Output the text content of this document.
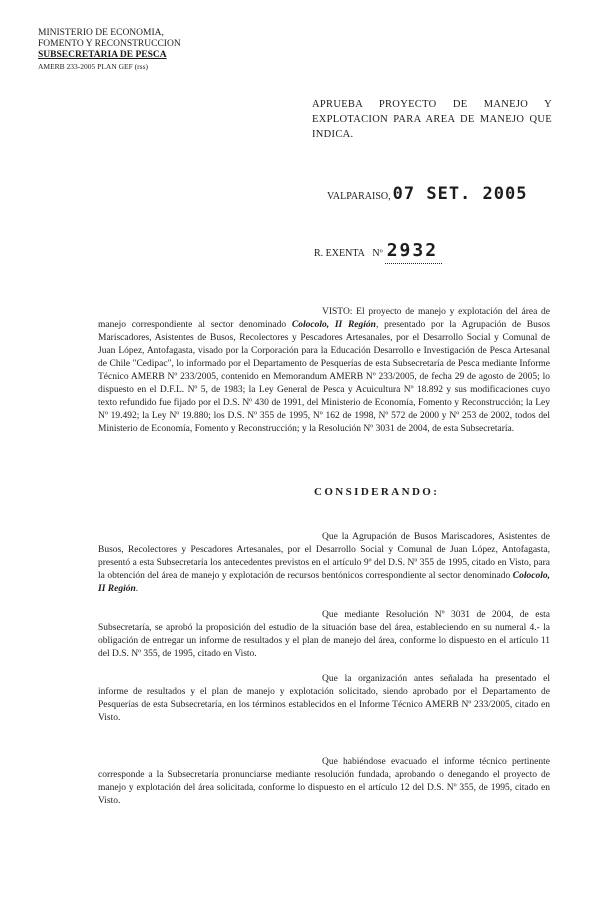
MINISTERIO DE ECONOMIA,
FOMENTO Y RECONSTRUCCION
SUBSECRETARIA DE PESCA
AMERB 233-2005 PLAN GEF (rss)
APRUEBA PROYECTO DE MANEJO Y EXPLOTACION PARA AREA DE MANEJO QUE INDICA.
VALPARAISO, 07 SET. 2005
R. EXENTA Nº 2932
VISTO: El proyecto de manejo y explotación del área de manejo correspondiente al sector denominado Colocolo, II Región, presentado por la Agrupación de Busos Mariscadores, Asistentes de Busos, Recolectores y Pescadores Artesanales, por el Desarrollo Social y Comunal de Juan López, Antofagasta, visado por la Corporación para la Educación Desarrollo e Investigación de Pesca Artesanal de Chile "Cedipac", lo informado por el Departamento de Pesquerías de esta Subsecretaría de Pesca mediante Informe Técnico AMERB Nº 233/2005, contenido en Memorandum AMERB Nº 233/2005, de fecha 29 de agosto de 2005; lo dispuesto en el D.F.L. Nº 5, de 1983; la Ley General de Pesca y Acuicultura Nº 18.892 y sus modificaciones cuyo texto refundido fue fijado por el D.S. Nº 430 de 1991, del Ministerio de Economía, Fomento y Reconstrucción; la Ley Nº 19.492; la Ley Nº 19.880; los D.S. Nº 355 de 1995, Nº 162 de 1998, Nº 572 de 2000 y Nº 253 de 2002, todos del Ministerio de Economía, Fomento y Reconstrucción; y la Resolución Nº 3031 de 2004, de esta Subsecretaría.
CONSIDERANDO:
Que la Agrupación de Busos Mariscadores, Asistentes de Busos, Recolectores y Pescadores Artesanales, por el Desarrollo Social y Comunal de Juan López, Antofagasta, presentó a esta Subsecretaría los antecedentes previstos en el artículo 9º del D.S. Nº 355 de 1995, citado en Visto, para la obtención del área de manejo y explotación de recursos bentónicos correspondiente al sector denominado Colocolo, II Región.
Que mediante Resolución Nº 3031 de 2004, de esta Subsecretaría, se aprobó la proposición del estudio de la situación base del área, estableciendo en su numeral 4.- la obligación de entregar un informe de resultados y el plan de manejo del área, conforme lo dispuesto en el artículo 11 del D.S. Nº 355, de 1995, citado en Visto.
Que la organización antes señalada ha presentado el informe de resultados y el plan de manejo y explotación solicitado, siendo aprobado por el Departamento de Pesquerías de esta Subsecretaría, en los términos establecidos en el Informe Técnico AMERB Nº 233/2005, citado en Visto.
Que habiéndose evacuado el informe técnico pertinente corresponde a la Subsecretaría pronunciarse mediante resolución fundada, aprobando o denegando el proyecto de manejo y explotación del área solicitada, conforme lo dispuesto en el artículo 12 del D.S. Nº 355, de 1995, citado en Visto.
